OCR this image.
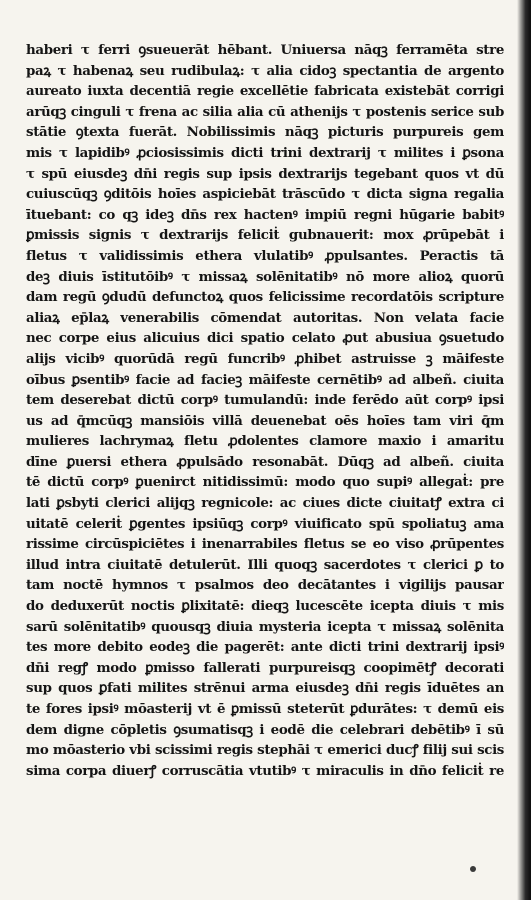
haberi τ ferri ꝯsueuerāt hēbant. Uniuersa nāqꝫ ferramēta stre
paꝝ τ habenaꝝ seu rudibulaꝝ: τ alia cidoꝫ spectantia de argento
aureato iuxta decentiā regie excellētie fabricata existebāt corrigi
arūqꝫ cinguli τ frena ac silia alia cū athenijs τ postenis serice sub
stātie ꝯtexta fuerāt. Nobilissimis nāqꝫ picturis purpureis gem
mis τ lapidibꝰ ꝓciosissimis dicti trini dextrarij τ milites i ꝑsona
τ spū eiusdeꝫ dn̄i regis sup ipsis dextrarijs tegebant quos vt dū
cuiuscūqꝫ ꝯditōis hoīes aspiciebāt trāscūdo τ dicta signa regalia
ītuebant: co qꝫ ideꝫ dn̄s rex hactenꝰ impiū regni hūgarie babitꝰ
ꝑmissis signis τ dextrarijs feliciṫ gubnauerit: mox ꝓrūpebāt i
fletus τ validissimis ethera vlulatibꝰ ꝓpulsantes. Peractis tā
deꝫ diuis īstitutōibꝰ τ missaꝝ solēnitatibꝰ nō more alioꝝ quorū
dam regū ꝯdudū defunctoꝝ quos felicissime recordatōis scripture
aliaꝝ ep̄laꝝ venerabilis cōmendat autoritas. Non velata facie
nec corpe eius alicuius dici spatio celato ꝓut abusiua ꝯsuetudo
alijs vicibꝰ quorūdā regū funcribꝰ ꝓhibet astruisse ꝫ māifeste
oībus ꝑsentibꝰ facie ad facieꝫ māifeste cernētibꝰ ad albeñ. ciuita
tem deserebat dictū corpꝰ tumulandū: inde ferēdo aūt corpꝰ ipsi
us ad q̄mcūqꝫ mansiōis villā deuenebat oēs hoīes tam viri q̄m
mulieres lachrymaꝝ fletu ꝓdolentes clamore maxio i amaritu
dīne ꝑuersi ethera ꝓpulsādo resonabāt. Dūqꝫ ad albeñ. ciuita
tē dictū corpꝰ ꝑuenirct nitidissimū: modo quo supiꝰ allegaṫ: pre
lati ꝑsbyti clerici alijqꝫ regnicole: ac ciues dicte ciuitatꝭ extra ci
uitatē celeriṫ ꝑgentes ipsiūqꝫ corpꝰ viuificato spū spoliatuꝫ ama
rissime circūspiciētes i inenarrabiles fletus se eo viso ꝓrūpentes
illud intra ciuitatē detulerūt. Illi quoqꝫ sacerdotes τ clerici ꝑ to
tam noctē hymnos τ psalmos deo decātantes i vigilijs pausar
do deduxerūt noctis ꝑlixitatē: dieqꝫ lucescēte icepta diuis τ mis
sarū solēnitatibꝰ quousqꝫ diuia mysteria icepta τ missaꝝ solēnita
tes more debito eodeꝫ die pagerēt: ante dicti trini dextrarij ipsiꝰ
dn̄i regꝭ modo ꝑmisso fallerati purpureisqꝫ coopimētꝭ decorati
sup quos ꝑfati milites strēnui arma eiusdeꝫ dn̄i regis īduētes an
te fores ipsiꝰ mōasterij vt ē ꝑmissū steterūt ꝑdurātes: τ demū eis
dem digne cōpletis ꝯsumatisqꝫ i eodē die celebrari debētibꝰ ī sū
mo mōasterio vbi scissimi regis stephāi τ emerici ducꝭ filij sui scis
sima corpa diuerꝭ corruscātia vtutibꝰ τ miraculis in dn̄o feliciṫ re
